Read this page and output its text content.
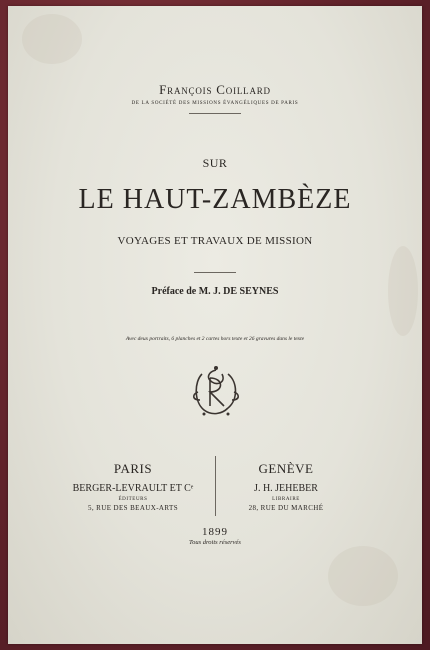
François Coillard
DE LA SOCIÉTÉ DES MISSIONS ÉVANGÉLIQUES DE PARIS
SUR
LE HAUT-ZAMBÈZE
VOYAGES ET TRAVAUX DE MISSION
Préface de M. J. DE SEYNES
Avec deux portraits, 6 planches et 2 cartes hors texte et 26 gravures dans le texte
PARIS
BERGER-LEVRAULT ET Cᵉ
ÉDITEURS
5, RUE DES BEAUX-ARTS
GENÈVE
J. H. JEHEBER
LIBRAIRE
28, RUE DU MARCHÉ
1899
Tous droits réservés
